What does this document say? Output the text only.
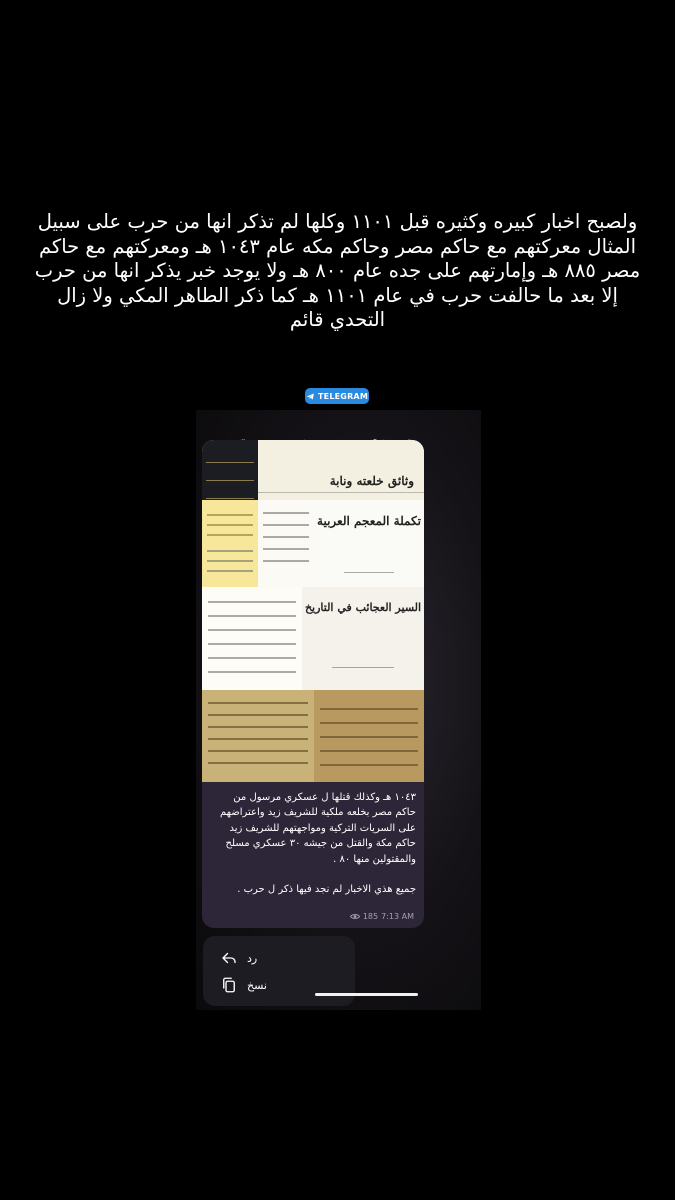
ولصبح اخبار كبيره وكثيره قبل ١١٠١ وكلها لم تذكر انها من حرب على سبيل المثال معركتهم مع حاكم مصر وحاكم مكه عام ١٠٤٣ هـ ومعركتهم مع حاكم مصر ٨٨٥ هـ وإمارتهم على جده عام ٨٠٠ هـ ولا يوجد خبر يذكر انها من حرب إلا بعد ما حالفت حرب في عام ١١٠١ هـ كما ذكر الطاهر المكي ولا زال التحدي قائم
TELEGRAM
وثائق خلعته ونابة
تكملة المعجم العربية
السير العجائب في التاريخ

١٠٤٣ هـ وكذلك قتلها ل عسكري مرسول من حاكم مصر بخلعه ملكية للشريف زيد واعتراضهم على السريات التركية ومواجهتهم للشريف زيد حاكم مكة والقتل من جيشه ٣٠ عسكري مسلح والمقتولين منها ٨٠ .

جميع هذي الاخبار لم نجد فيها ذكر ل حرب .

185 7:13 AM
رد
نسخ
